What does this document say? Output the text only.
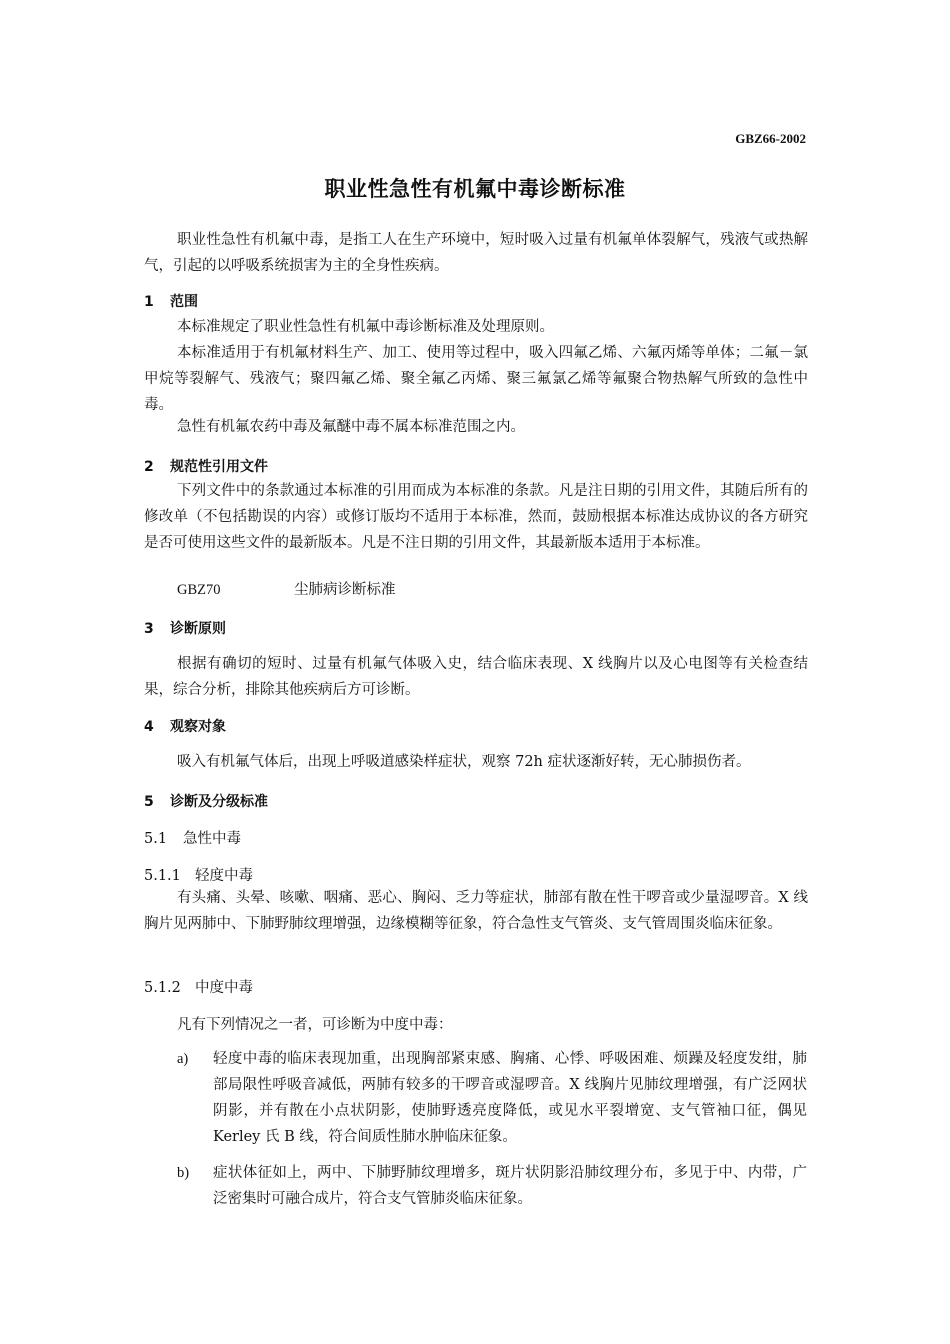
GBZ66-2002
职业性急性有机氟中毒诊断标准
职业性急性有机氟中毒，是指工人在生产环境中，短时吸入过量有机氟单体裂解气，残液气或热解气，引起的以呼吸系统损害为主的全身性疾病。
1 范围
本标准规定了职业性急性有机氟中毒诊断标准及处理原则。
本标准适用于有机氟材料生产、加工、使用等过程中，吸入四氟乙烯、六氟丙烯等单体；二氟－氯甲烷等裂解气、残液气；聚四氟乙烯、聚全氟乙丙烯、聚三氟氯乙烯等氟聚合物热解气所致的急性中毒。
急性有机氟农药中毒及氟醚中毒不属本标准范围之内。
2 规范性引用文件
下列文件中的条款通过本标准的引用而成为本标准的条款。凡是注日期的引用文件，其随后所有的修改单（不包括勘误的内容）或修订版均不适用于本标准，然而，鼓励根据本标准达成协议的各方研究是否可使用这些文件的最新版本。凡是不注日期的引用文件，其最新版本适用于本标准。
GBZ70	尘肺病诊断标准
3 诊断原则
根据有确切的短时、过量有机氟气体吸入史，结合临床表现、X 线胸片以及心电图等有关检查结果，综合分析，排除其他疾病后方可诊断。
4 观察对象
吸入有机氟气体后，出现上呼吸道感染样症状，观察 72h 症状逐渐好转，无心肺损伤者。
5 诊断及分级标准
5.1 急性中毒
5.1.1 轻度中毒
有头痛、头晕、咳嗽、咽痛、恶心、胸闷、乏力等症状，肺部有散在性干啰音或少量湿啰音。X 线胸片见两肺中、下肺野肺纹理增强，边缘模糊等征象，符合急性支气管炎、支气管周围炎临床征象。
5.1.2 中度中毒
凡有下列情况之一者，可诊断为中度中毒：
a) 轻度中毒的临床表现加重，出现胸部紧束感、胸痛、心悸、呼吸困难、烦躁及轻度发绀，肺部局限性呼吸音减低，两肺有较多的干啰音或湿啰音。X 线胸片见肺纹理增强，有广泛网状阴影，并有散在小点状阴影，使肺野透亮度降低，或见水平裂增宽、支气管袖口征，偶见 Kerley 氏 B 线，符合间质性肺水肿临床征象。
b) 症状体征如上，两中、下肺野肺纹理增多，斑片状阴影沿肺纹理分布，多见于中、内带，广泛密集时可融合成片，符合支气管肺炎临床征象。
